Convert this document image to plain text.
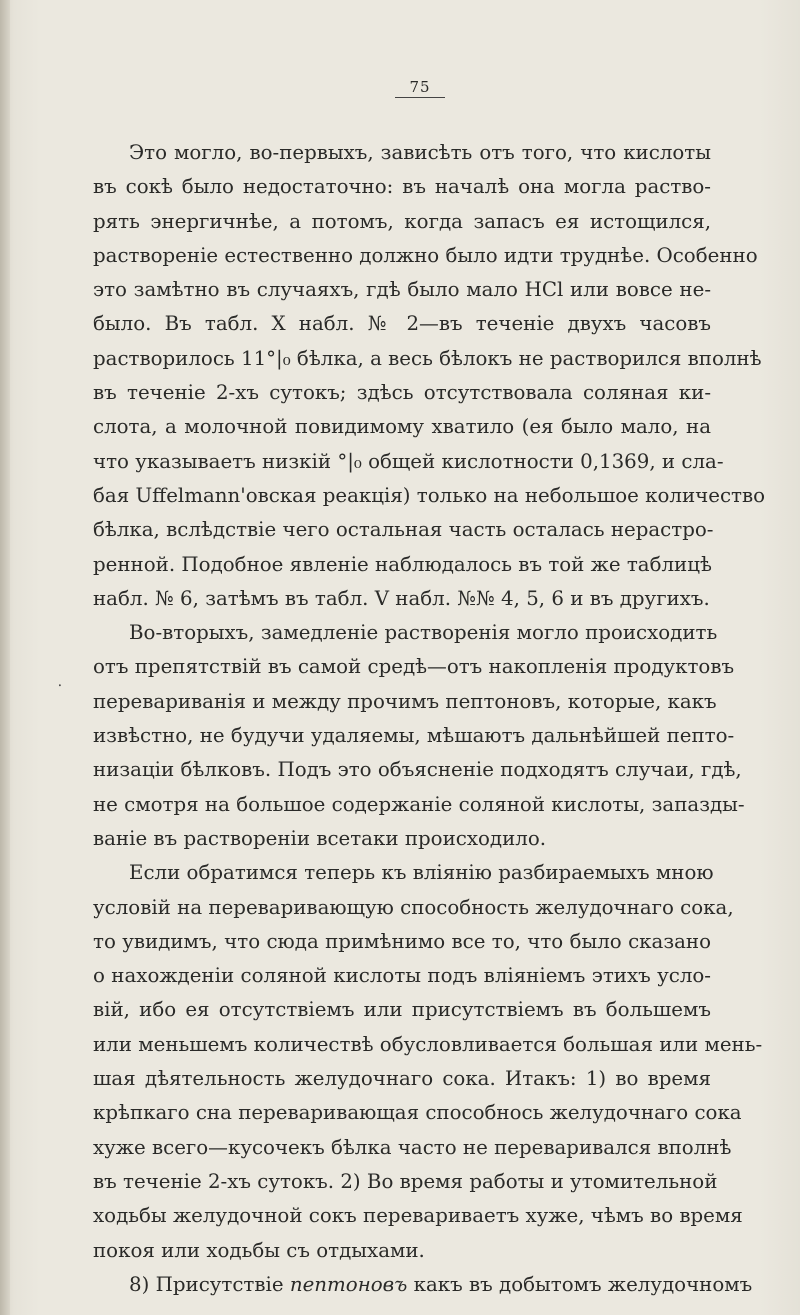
75
⸱
Это могло, во-первыхъ, зависѣть отъ того, что кислоты
въ сокѣ было недостаточно: въ началѣ она могла раство-
рять энергичнѣе, а потомъ, когда запасъ ея истощился,
раствореніе естественно должно было идти труднѣе. Особенно
это замѣтно въ случаяхъ, гдѣ было мало НСl или вовсе не-
было. Въ табл. X набл. № 2—въ теченіе двухъ часовъ
растворилось 11°|₀ бѣлка, а весь бѣлокъ не растворился вполнѣ
въ теченіе 2-хъ сутокъ; здѣсь отсутствовала соляная ки-
слота, а молочной повидимому хватило (ея было мало, на
что указываетъ низкій °|₀ общей кислотности 0,1369, и сла-
бая Uffelmann'овская реакція) только на небольшое количество
бѣлка, вслѣдствіе чего остальная часть осталась нерастро-
ренной. Подобное явленіе наблюдалось въ той же таблицѣ
набл. № 6, затѣмъ въ табл. V набл. №№ 4, 5, 6 и въ другихъ.
Во-вторыхъ, замедленіе растворенія могло происходить
отъ препятствій въ самой средѣ—отъ накопленія продуктовъ
перевариванія и между прочимъ пептоновъ, которые, какъ
извѣстно, не будучи удаляемы, мѣшаютъ дальнѣйшей пепто-
низаціи бѣлковъ. Подъ это объясненіе подходятъ случаи, гдѣ,
не смотря на большое содержаніе соляной кислоты, запазды-
ваніе въ раствореніи всетаки происходило.
Если обратимся теперь къ вліянію разбираемыхъ мною
условій на переваривающую способность желудочнаго сока,
то увидимъ, что сюда примѣнимо все то, что было сказано
о нахожденіи соляной кислоты подъ вліяніемъ этихъ усло-
вій, ибо ея отсутствіемъ или присутствіемъ въ большемъ
или меньшемъ количествѣ обусловливается большая или мень-
шая дѣятельность желудочнаго сока. Итакъ: 1) во время
крѣпкаго сна переваривающая способнось желудочнаго сока
хуже всего—кусочекъ бѣлка часто не переваривался вполнѣ
въ теченіе 2-хъ сутокъ. 2) Во время работы и утомительной
ходьбы желудочной сокъ перевариваетъ хуже, чѣмъ во время
покоя или ходьбы съ отдыхами.
8) Присутствіе пептоновъ какъ въ добытомъ желудочномъ
